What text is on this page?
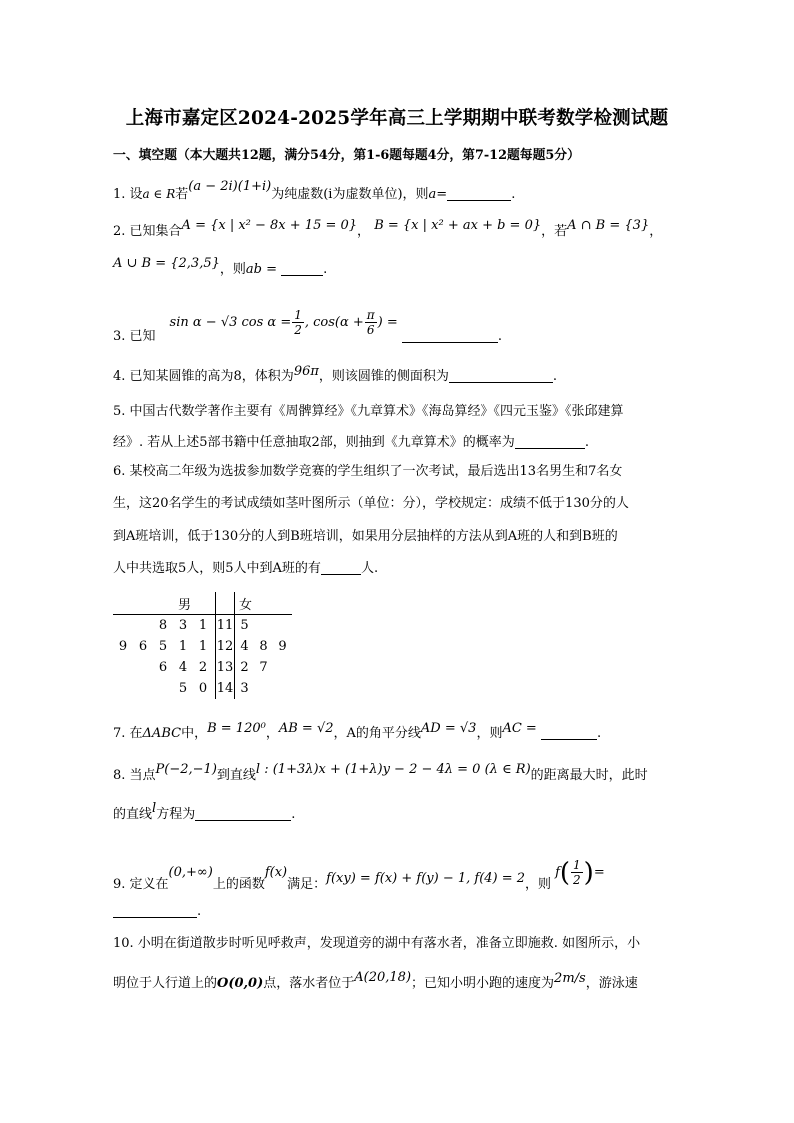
上海市嘉定区2024-2025学年高三上学期期中联考数学检测试题
一、填空题（本大题共12题，满分54分，第1-6题每题4分，第7-12题每题5分）
1. 设a ∈ R若(a − 2i)(1+i)为纯虚数(i为虚数单位)，则a=	.
2. 已知集合A = {x | x² − 8x + 15 = 0}， B = {x | x² + ax + b = 0}，若A ∩ B = {3}，
A ∪ B = {2,3,5}，则ab =	.
3. 已知sin α − √3 $\cos \alpha = \frac{1}{2}$ , $\cos(\alpha + \frac{\pi}{6}$ ) = .
4. 已知某圆锥的高为8，体积为96π，则该圆锥的侧面积为	.
5. 中国古代数学著作主要有《周髀算经》《九章算术》《海岛算经》《四元玉鉴》《张邱建算
经》. 若从上述5部书籍中任意抽取2部，则抽到《九章算术》的概率为	.
6. 某校高二年级为选拔参加数学竞赛的学生组织了一次考试，最后选出13名男生和7名女
生，这20名学生的考试成绩如茎叶图所示（单位：分），学校规定：成绩不低于130分的人
到A班培训，低于130分的人到B班培训，如果用分层抽样的方法从到A班的人和到B班的
人中共选取5人，则5人中到A班的有	人.
男							女		
		8	3	1		11	5		
9	6	5	1	1		12	4	8	9
		6	4	2		13	2	7	
			5	0		14	3		
7. 在ΔABC中，B = 120⁰，AB = √2，A的角平分线AD = √3，则AC =	.
8. 当点P(−2,−1)到直线l : (1+3λ)x + (1+λ)y − 2 − 4λ = 0 (λ ∈ R)的距离最大时，此时
的直线l方程为	.
9. 定义在(0,+∞)上的函数f(x)满足：f(xy) = f(x) + f(y) − 1, f(4) = 2，则$f( \frac{1}{2}$ )=
.
10. 小明在街道散步时听见呼救声，发现道旁的湖中有落水者，准备立即施救. 如图所示，小
明位于人行道上的O(0,0)点，落水者位于A(20,18)；已知小明小跑的速度为2m/s，游泳速
